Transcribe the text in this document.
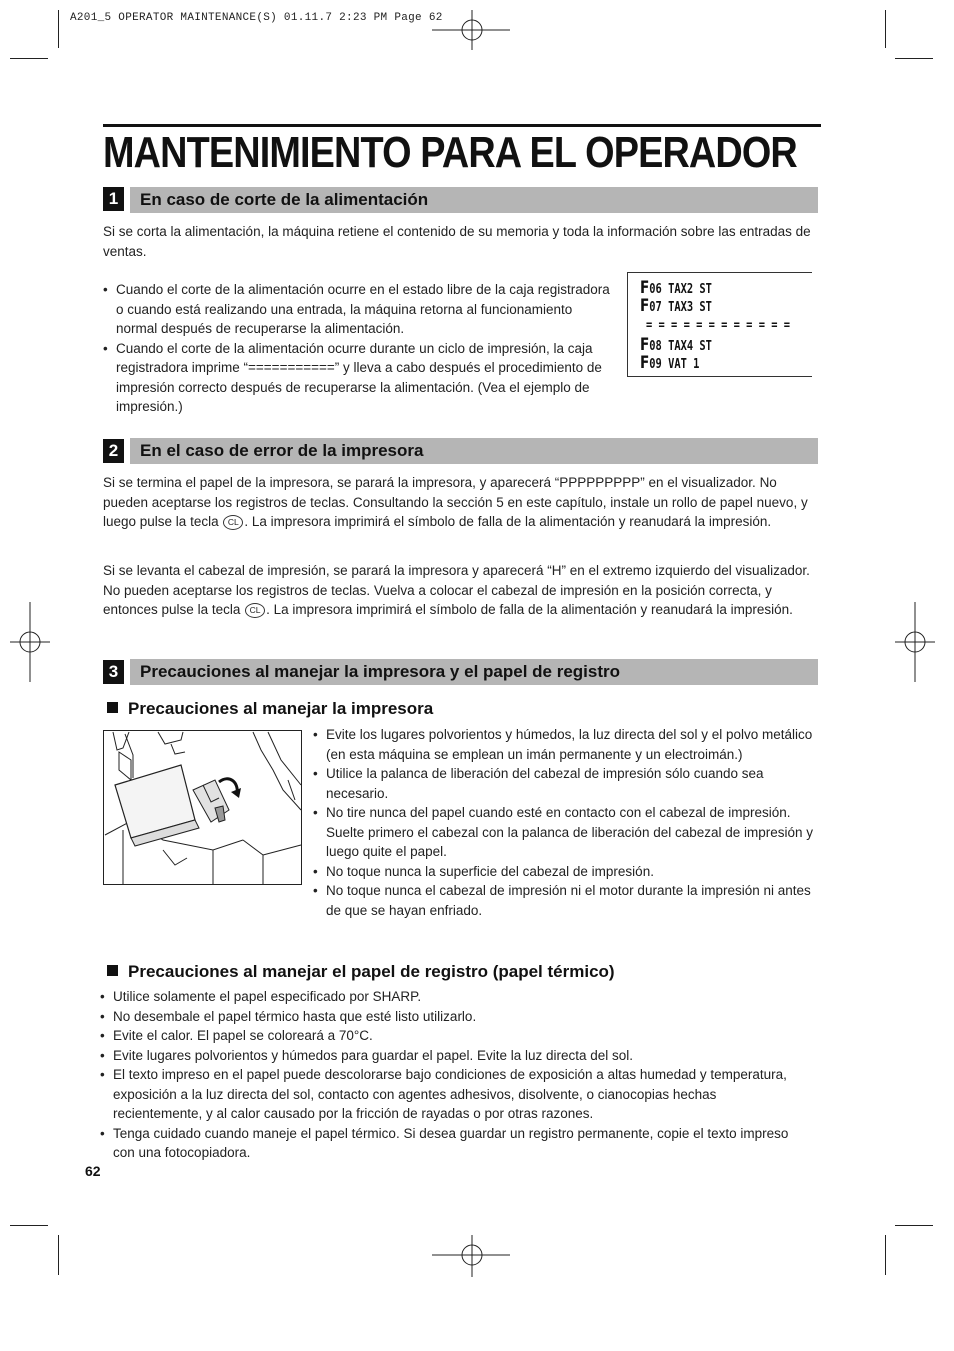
A201_5 OPERATOR MAINTENANCE(S) 01.11.7 2:23 PM Page 62
MANTENIMIENTO PARA EL OPERADOR
1	En caso de corte de la alimentación
Si se corta la alimentación, la máquina retiene el contenido de su memoria y toda la información sobre las entradas de ventas.
• Cuando el corte de la alimentación ocurre en el estado libre de la caja registradora o cuando está realizando una entrada, la máquina retorna al funcionamiento normal después de recuperarse la alimentación.
• Cuando el corte de la alimentación ocurre durante un ciclo de impresión, la caja registradora imprime “===========” y lleva a cabo después el procedimiento de impresión correcto después de recuperarse la alimentación. (Vea el ejemplo de impresión.)
F06 TAX2 ST
F07 TAX3 ST
= = = = = = = = = = = =
F08 TAX4 ST
F09 VAT 1
2	En el caso de error de la impresora
Si se termina el papel de la impresora, se parará la impresora, y aparecerá “PPPPPPPPP” en el visualizador. No pueden aceptarse los registros de teclas. Consultando la sección 5 en este capítulo, instale un rollo de papel nuevo, y luego pulse la tecla CL . La impresora imprimirá el símbolo de falla de la alimentación y reanudará la impresión.
Si se levanta el cabezal de impresión, se parará la impresora y aparecerá “H” en el extremo izquierdo del visualizador. No pueden aceptarse los registros de teclas. Vuelva a colocar el cabezal de impresión en la posición correcta, y entonces pulse la tecla CL . La impresora imprimirá el símbolo de falla de la alimentación y reanudará la impresión.
3	Precauciones al manejar la impresora y el papel de registro
Precauciones al manejar la impresora
• Evite los lugares polvorientos y húmedos, la luz directa del sol y el polvo metálico (en esta máquina se emplean un imán permanente y un electroimán.)
• Utilice la palanca de liberación del cabezal de impresión sólo cuando sea necesario.
• No tire nunca del papel cuando esté en contacto con el cabezal de impresión. Suelte primero el cabezal con la palanca de liberación del cabezal de impresión y luego quite el papel.
• No toque nunca la superficie del cabezal de impresión.
• No toque nunca el cabezal de impresión ni el motor durante la impresión ni antes de que se hayan enfriado.
Precauciones al manejar el papel de registro (papel térmico)
• Utilice solamente el papel especificado por SHARP.
• No desembale el papel térmico hasta que esté listo utilizarlo.
• Evite el calor. El papel se coloreará a 70°C.
• Evite lugares polvorientos y húmedos para guardar el papel. Evite la luz directa del sol.
• El texto impreso en el papel puede descolorarse bajo condiciones de exposición a altas humedad y temperatura, exposición a la luz directa del sol, contacto con agentes adhesivos, disolvente, o cianocopias hechas recientemente, y al calor causado por la fricción de rayadas o por otras razones.
• Tenga cuidado cuando maneje el papel térmico. Si desea guardar un registro permanente, copie el texto impreso con una fotocopiadora.
62
